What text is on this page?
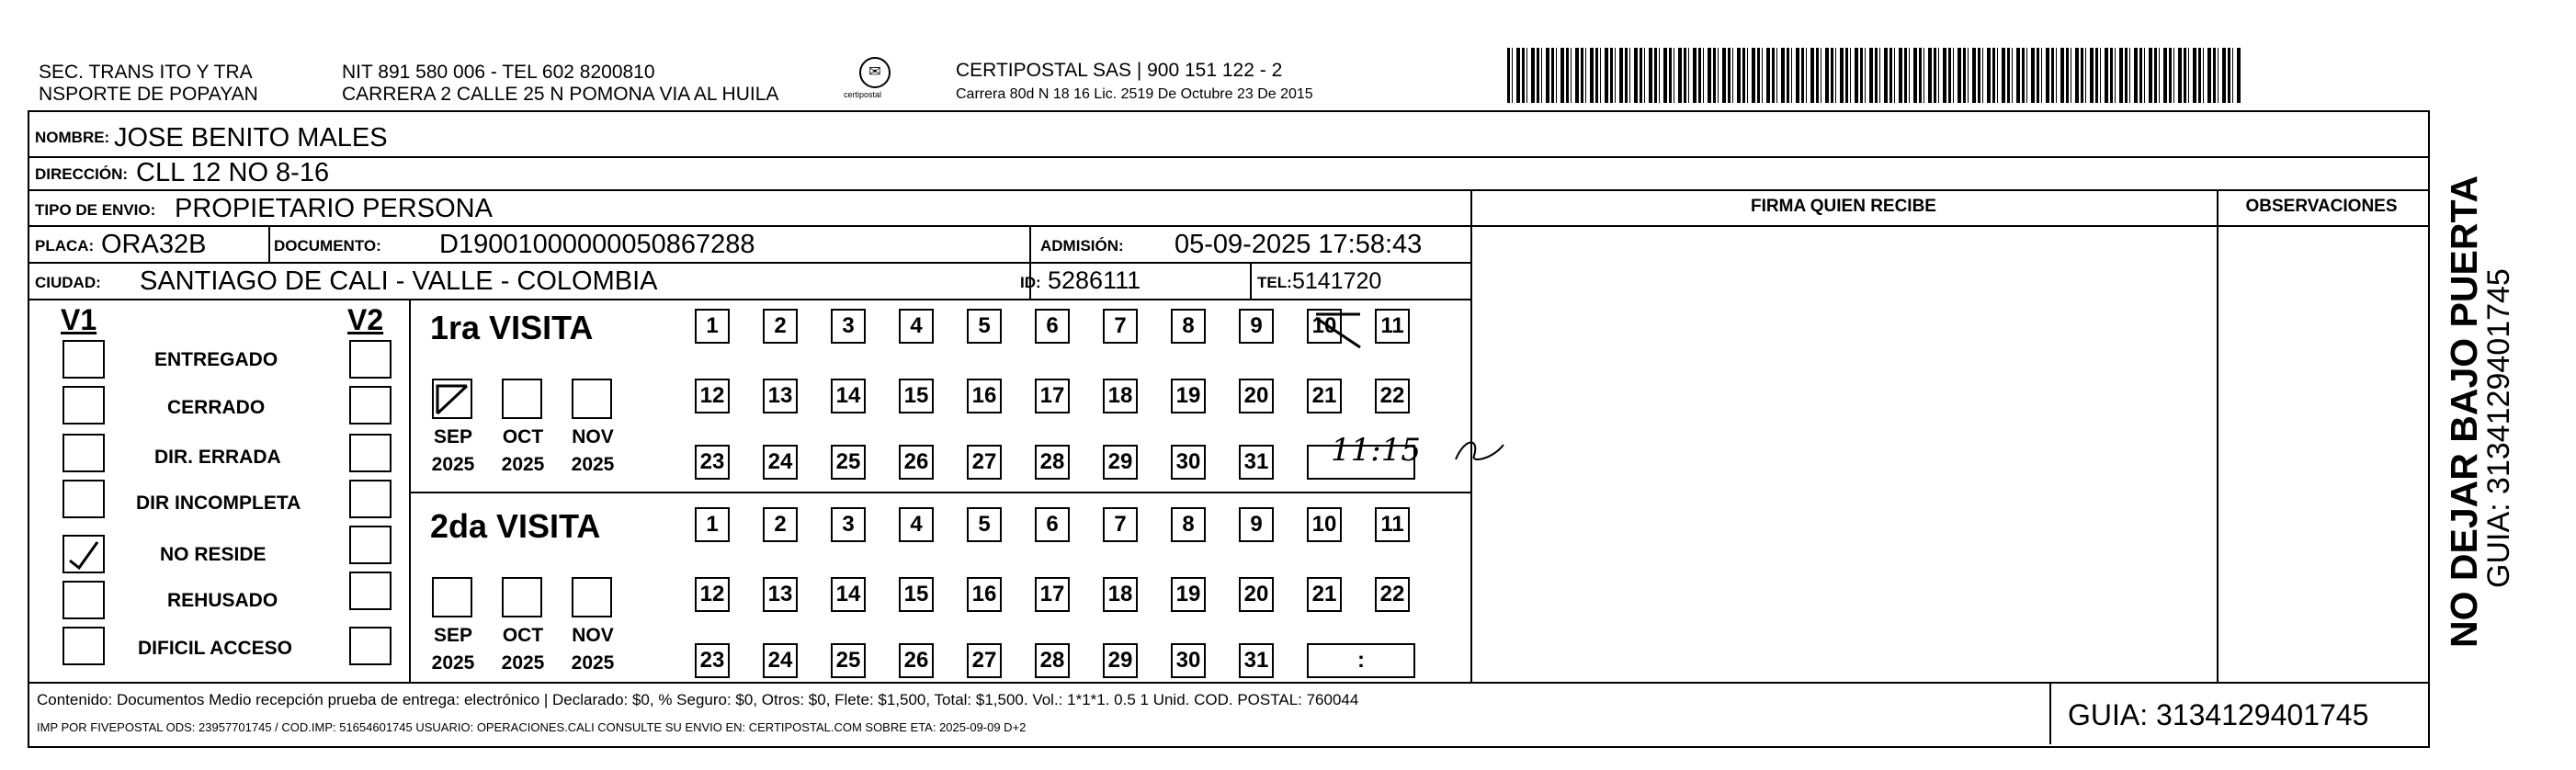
SEC. TRANS ITO Y TRA
NSPORTE DE POPAYAN
NIT 891 580 006 - TEL 602 8200810
CARRERA 2 CALLE 25 N POMONA VIA AL HUILA
✉
certipostal
CERTIPOSTAL SAS | 900 151 122 - 2
Carrera 80d N 18 16 Lic. 2519 De Octubre 23 De 2015
NOMBRE: JOSE BENITO MALES
DIRECCIÓN: CLL 12 NO 8-16
TIPO DE ENVIO: PROPIETARIO PERSONA	FIRMA QUIEN RECIBE	OBSERVACIONES
PLACA: ORA32B	DOCUMENTO: D19001000000050867288	ADMISIÓN: 05-09-2025 17:58:43
CIUDAD: SANTIAGO DE CALI - VALLE - COLOMBIA	ID: 5286111	TEL: 5141720
V1	V2
ENTREGADO
CERRADO
DIR. ERRADA
DIR INCOMPLETA
NO RESIDE
REHUSADO
DIFICIL ACCESO
1ra VISITA
2da VISITA
SEP	OCT	NOV
2025	2025	2025
SEP	OCT	NOV
2025	2025	2025
1	2	3	4	5	6	7	8	9	10 11
12 13 14 15 16 17 18 19 20 21 22
23 24 25 26 27 28 29 30 31
1	2	3	4	5	6	7	8	9	10 11
12 13 14 15 16 17 18 19 20 21 22
23 24 25 26 27 28 29 30 31	:
11:15
Contenido: Documentos Medio recepción prueba de entrega: electrónico | Declarado: $0, % Seguro: $0, Otros: $0, Flete: $1,500, Total: $1,500. Vol.: 1*1*1. 0.5 1 Unid. COD. POSTAL: 760044
IMP POR FIVEPOSTAL ODS: 23957701745 / COD.IMP: 51654601745 USUARIO: OPERACIONES.CALI CONSULTE SU ENVIO EN: CERTIPOSTAL.COM SOBRE ETA: 2025-09-09 D+2	GUIA: 3134129401745
NO DEJAR BAJO PUERTA
GUIA: 3134129401745
